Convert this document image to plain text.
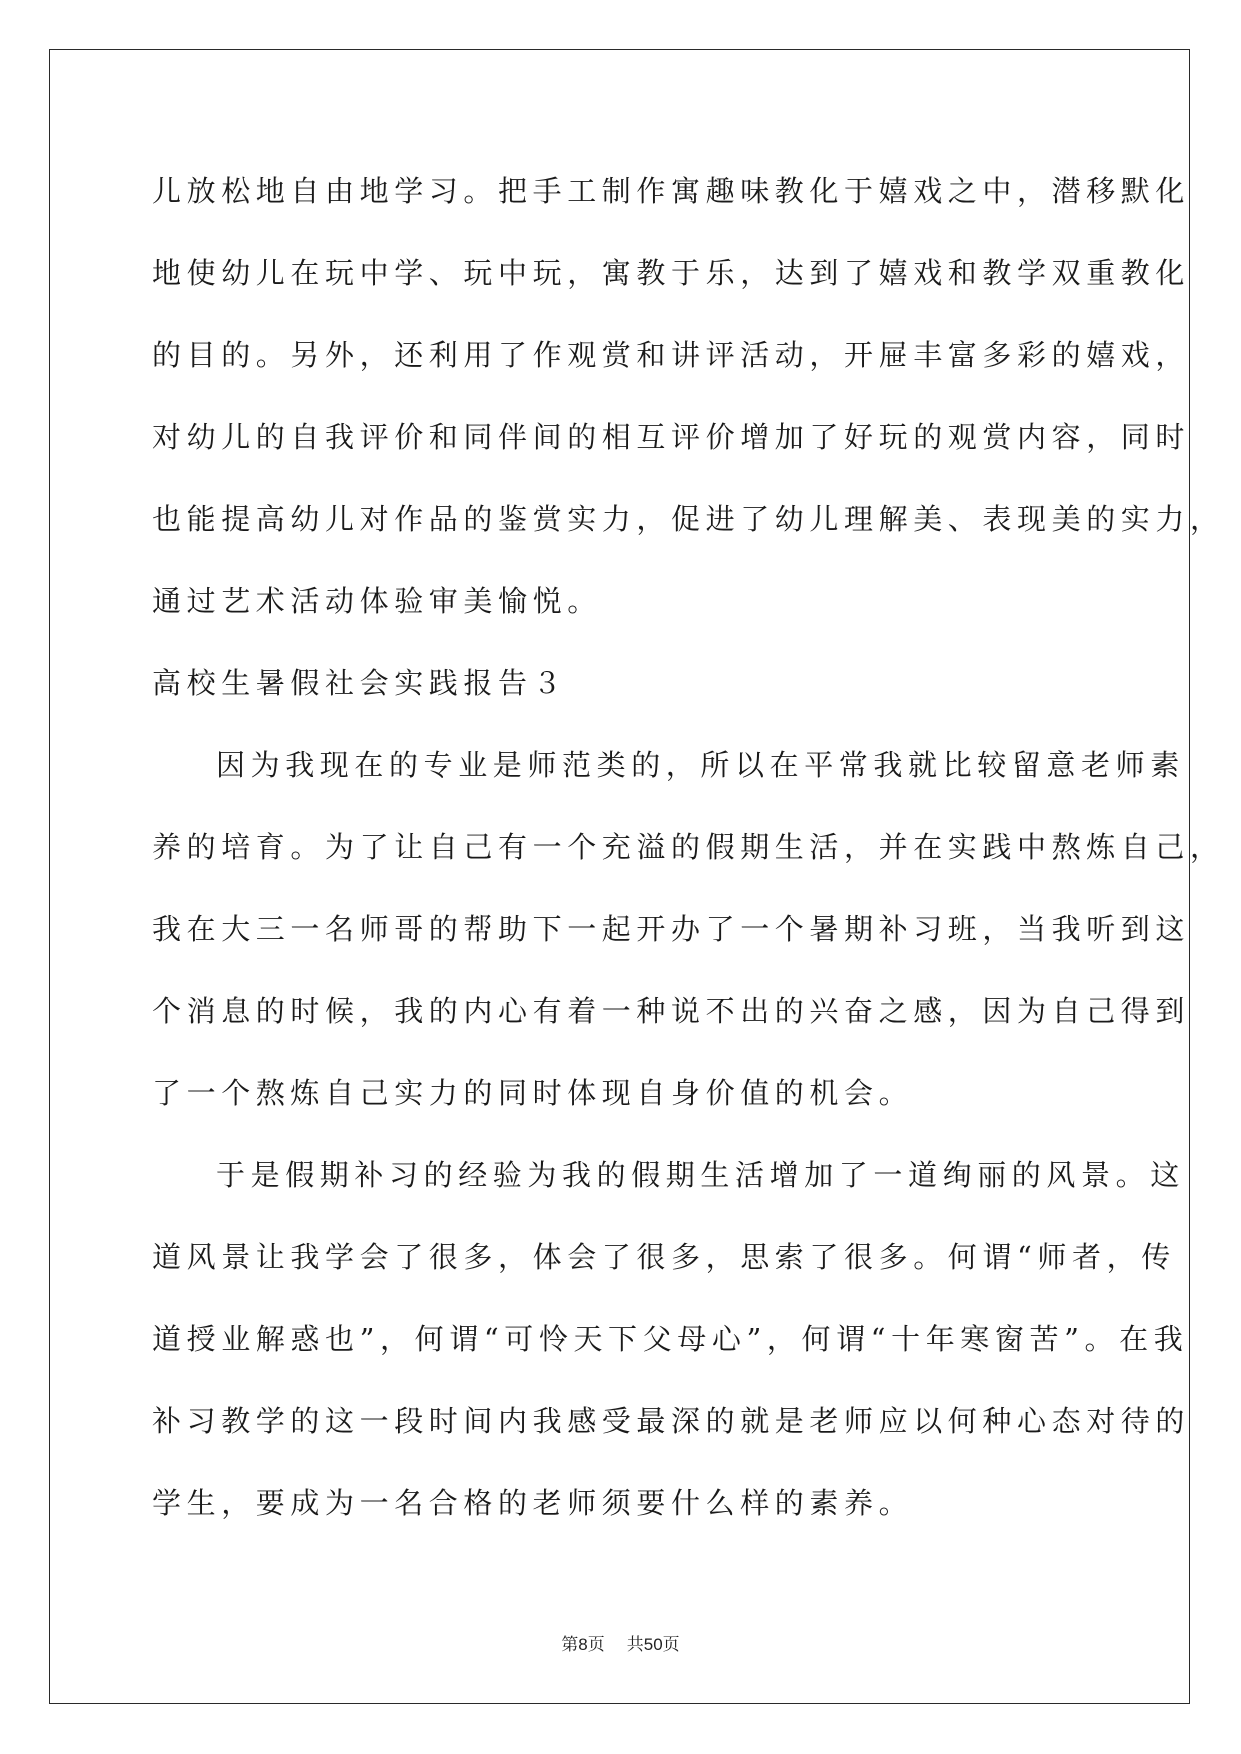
儿放松地自由地学习。把手工制作寓趣味教化于嬉戏之中，潜移默化
地使幼儿在玩中学、玩中玩，寓教于乐，达到了嬉戏和教学双重教化
的目的。另外，还利用了作观赏和讲评活动，开屉丰富多彩的嬉戏，
对幼儿的自我评价和同伴间的相互评价增加了好玩的观赏内容，同时
也能提高幼儿对作品的鉴赏实力，促进了幼儿理解美、表现美的实力，
通过艺术活动体验审美愉悦。
高校生暑假社会实践报告３
因为我现在的专业是师范类的，所以在平常我就比较留意老师素
养的培育。为了让自己有一个充溢的假期生活，并在实践中熬炼自己，
我在大三一名师哥的帮助下一起开办了一个暑期补习班，当我听到这
个消息的时候，我的内心有着一种说不出的兴奋之感，因为自己得到
了一个熬炼自己实力的同时体现自身价值的机会。
于是假期补习的经验为我的假期生活增加了一道绚丽的风景。这
道风景让我学会了很多，体会了很多，思索了很多。何谓“师者，传
道授业解惑也”，何谓“可怜天下父母心”，何谓“十年寒窗苦”。在我
补习教学的这一段时间内我感受最深的就是老师应以何种心态对待的
学生，要成为一名合格的老师须要什么样的素养。
第8页 共50页
